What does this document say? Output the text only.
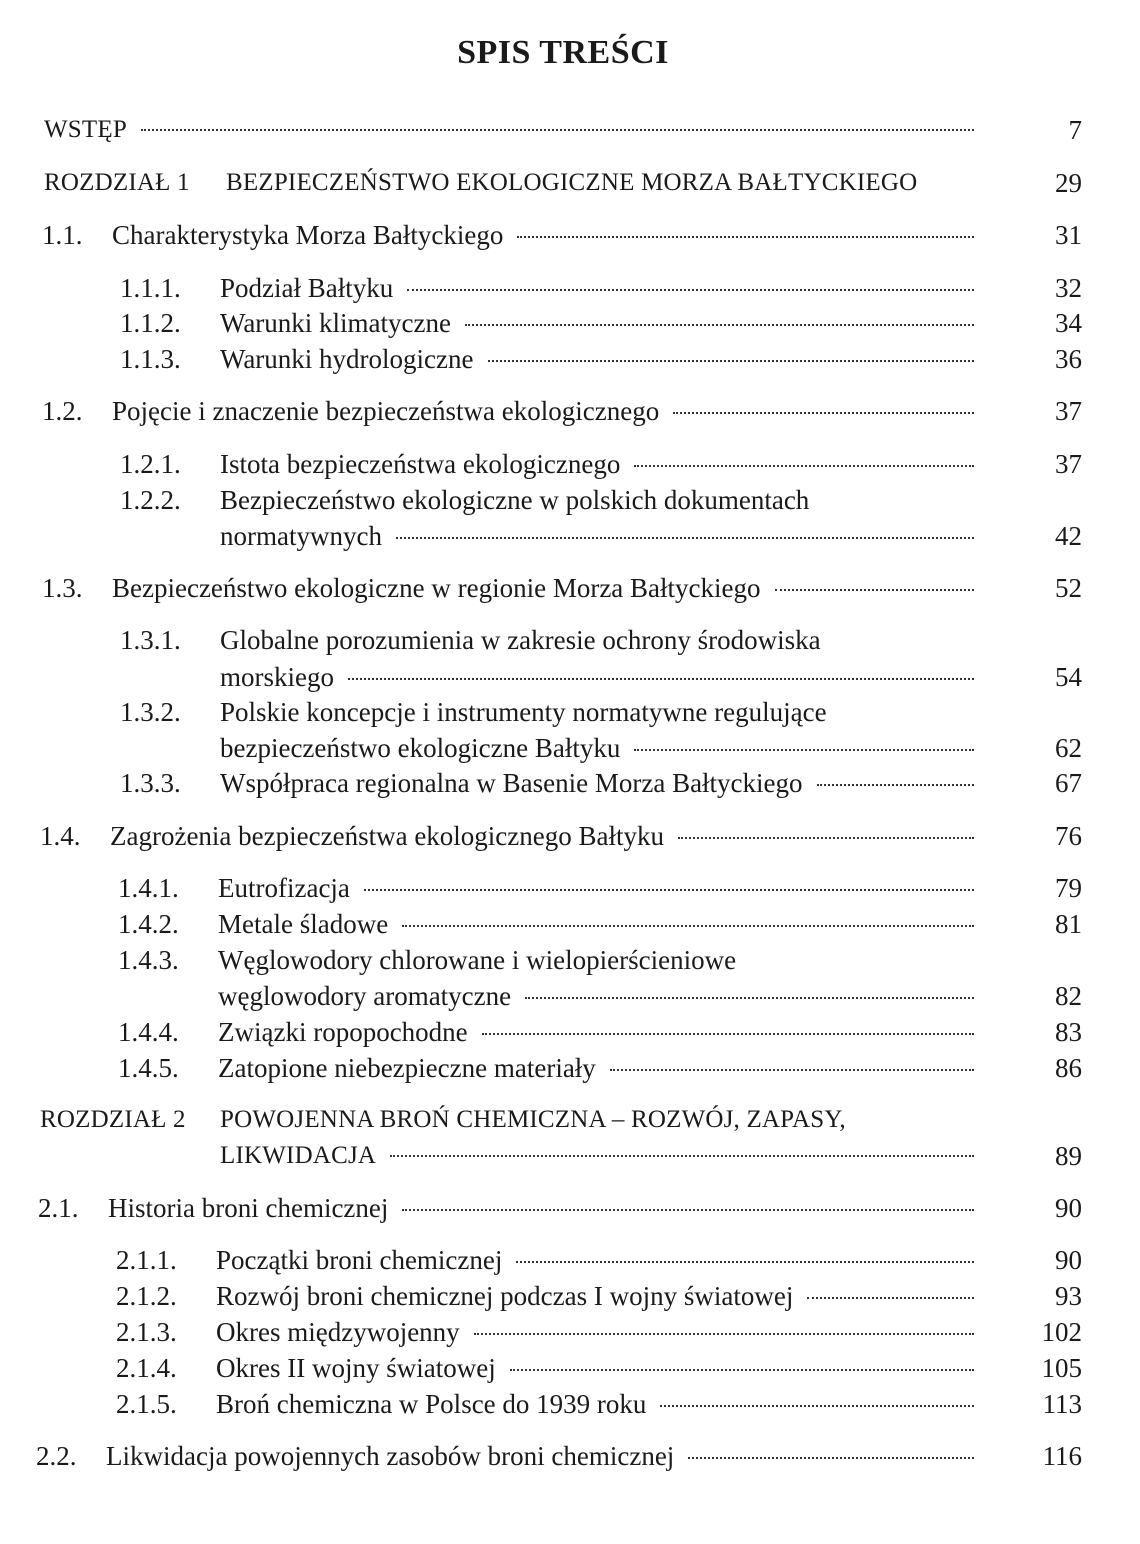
SPIS TREŚCI
WSTĘP	7
ROZDZIAŁ 1	BEZPIECZEŃSTWO EKOLOGICZNE MORZA BAŁTYCKIEGO	29
1.1.	Charakterystyka Morza Bałtyckiego	31
1.1.1.	Podział Bałtyku	32
1.1.2.	Warunki klimatyczne	34
1.1.3.	Warunki hydrologiczne	36
1.2.	Pojęcie i znaczenie bezpieczeństwa ekologicznego	37
1.2.1.	Istota bezpieczeństwa ekologicznego	37
1.2.2.	Bezpieczeństwo ekologiczne w polskich dokumentach
normatywnych	42
1.3.	Bezpieczeństwo ekologiczne w regionie Morza Bałtyckiego	52
1.3.1.	Globalne porozumienia w zakresie ochrony środowiska
morskiego	54
1.3.2.	Polskie koncepcje i instrumenty normatywne regulujące
bezpieczeństwo ekologiczne Bałtyku	62
1.3.3.	Współpraca regionalna w Basenie Morza Bałtyckiego	67
1.4.	Zagrożenia bezpieczeństwa ekologicznego Bałtyku	76
1.4.1.	Eutrofizacja	79
1.4.2.	Metale śladowe	81
1.4.3.	Węglowodory chlorowane i wielopierścieniowe
węglowodory aromatyczne	82
1.4.4.	Związki ropopochodne	83
1.4.5.	Zatopione niebezpieczne materiały	86
ROZDZIAŁ 2	POWOJENNA BROŃ CHEMICZNA – ROZWÓJ, ZAPASY,
LIKWIDACJA	89
2.1.	Historia broni chemicznej	90
2.1.1.	Początki broni chemicznej	90
2.1.2.	Rozwój broni chemicznej podczas I wojny światowej	93
2.1.3.	Okres międzywojenny	102
2.1.4.	Okres II wojny światowej	105
2.1.5.	Broń chemiczna w Polsce do 1939 roku	113
2.2.	Likwidacja powojennych zasobów broni chemicznej	116
